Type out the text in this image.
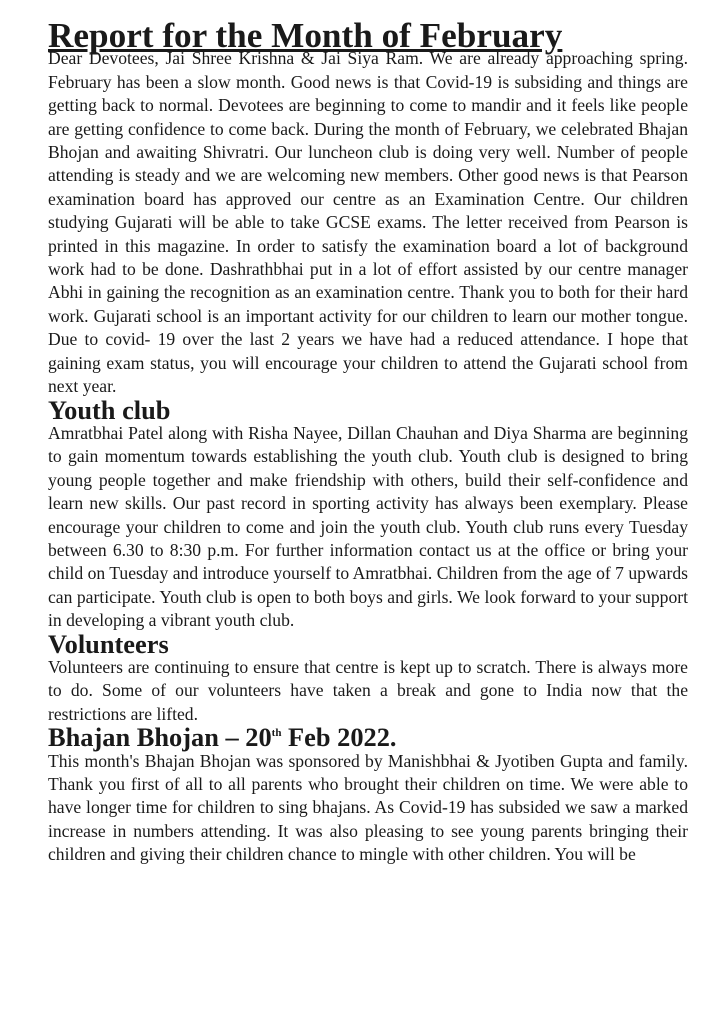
Report for the Month of February

Dear Devotees, Jai Shree Krishna & Jai Siya Ram. We are already approaching spring. February has been a slow month. Good news is that Covid-19 is subsiding and things are getting back to normal. Devotees are beginning to come to mandir and it feels like people are getting confidence to come back. During the month of February, we celebrated Bhajan Bhojan and awaiting Shivratri. Our luncheon club is doing very well. Number of people attending is steady and we are welcoming new members. Other good news is that Pearson examination board has approved our centre as an Examination Centre. Our children studying Gujarati will be able to take GCSE exams. The letter received from Pearson is printed in this magazine. In order to satisfy the examination board a lot of background work had to be done. Dashrathbhai put in a lot of effort assisted by our centre manager Abhi in gaining the recognition as an examination centre. Thank you to both for their hard work. Gujarati school is an important activity for our children to learn our mother tongue. Due to covid- 19 over the last 2 years we have had a reduced attendance. I hope that gaining exam status, you will encourage your children to attend the Gujarati school from next year.

Youth club

Amratbhai Patel along with Risha Nayee, Dillan Chauhan and Diya Sharma are beginning to gain momentum towards establishing the youth club. Youth club is designed to bring young people together and make friendship with others, build their self-confidence and learn new skills. Our past record in sporting activity has always been exemplary. Please encourage your children to come and join the youth club. Youth club runs every Tuesday between 6.30 to 8:30 p.m. For further information contact us at the office or bring your child on Tuesday and introduce yourself to Amratbhai. Children from the age of 7 upwards can participate. Youth club is open to both boys and girls. We look forward to your support in developing a vibrant youth club.

Volunteers

Volunteers are continuing to ensure that centre is kept up to scratch. There is always more to do. Some of our volunteers have taken a break and gone to India now that the restrictions are lifted.

Bhajan Bhojan – 20th Feb 2022.

This month's Bhajan Bhojan was sponsored by Manishbhai & Jyotiben Gupta and family. Thank you first of all to all parents who brought their children on time. We were able to have longer time for children to sing bhajans. As Covid-19 has subsided we saw a marked increase in numbers attending. It was also pleasing to see young parents bringing their children and giving their children chance to mingle with other children. You will be
